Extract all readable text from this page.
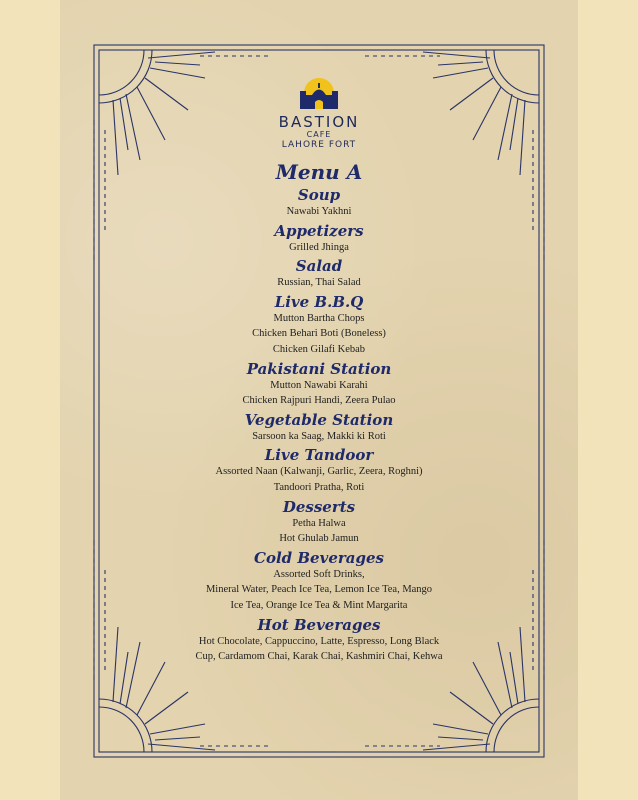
BASTION
CAFE
LAHORE FORT
Menu A
Soup
Nawabi Yakhni
Appetizers
Grilled Jhinga
Salad
Russian, Thai Salad
Live B.B.Q
Mutton Bartha Chops
Chicken Behari Boti (Boneless)
Chicken Gilafi Kebab
Pakistani Station
Mutton Nawabi Karahi
Chicken Rajpuri Handi, Zeera Pulao
Vegetable Station
Sarsoon ka Saag, Makki ki Roti
Live Tandoor
Assorted Naan (Kalwanji, Garlic, Zeera, Roghni)
Tandoori Pratha, Roti
Desserts
Petha Halwa
Hot Ghulab Jamun
Cold Beverages
Assorted Soft Drinks,
Mineral Water, Peach Ice Tea, Lemon Ice Tea, Mango
Ice Tea, Orange Ice Tea & Mint Margarita
Hot Beverages
Hot Chocolate, Cappuccino, Latte, Espresso, Long Black
Cup, Cardamom Chai, Karak Chai, Kashmiri Chai, Kehwa
